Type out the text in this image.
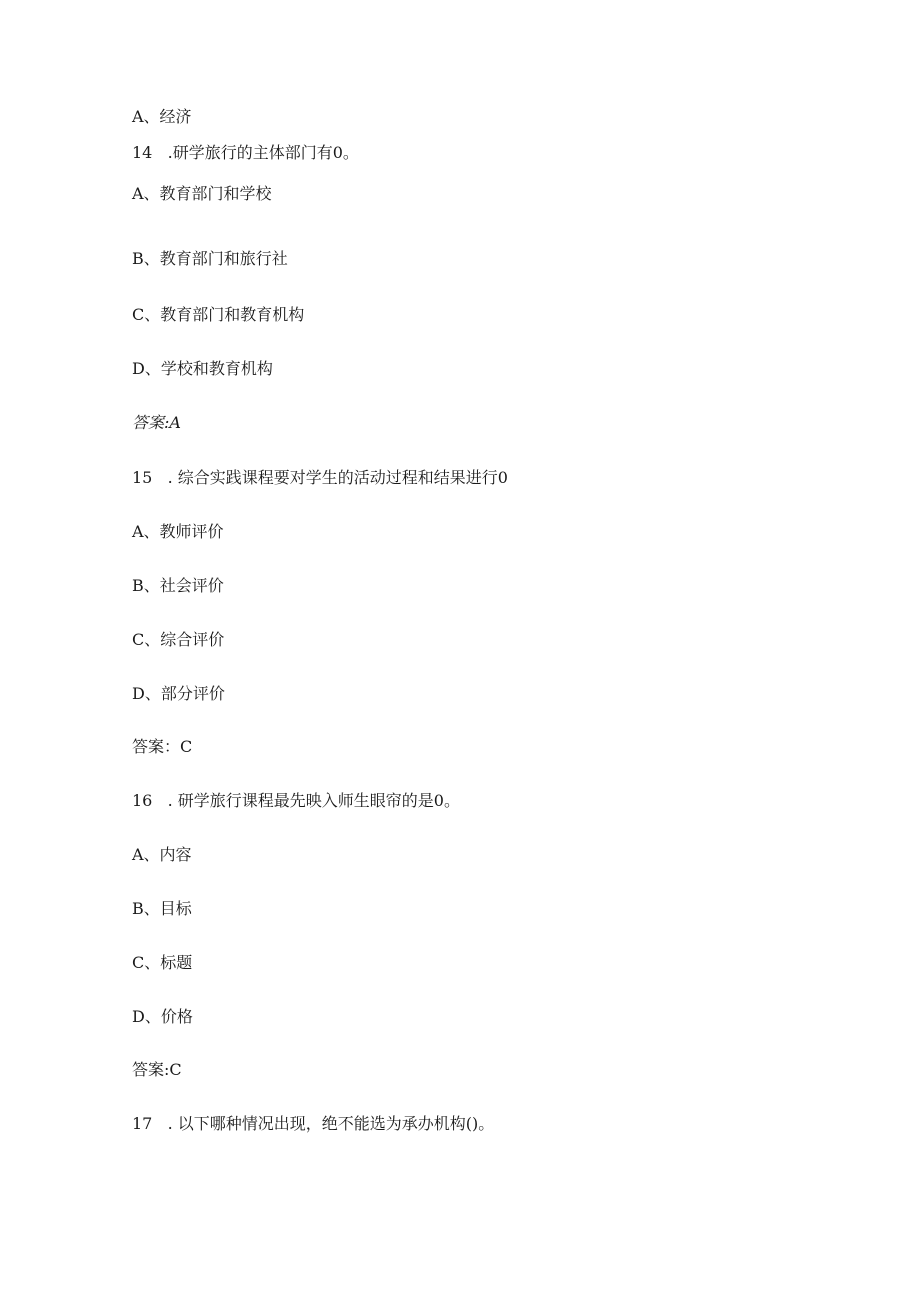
A、经济
14   .研学旅行的主体部门有0。
A、教育部门和学校
B、教育部门和旅行社
C、教育部门和教育机构
D、学校和教育机构
答案:A
15   . 综合实践课程要对学生的活动过程和结果进行0
A、教师评价
B、社会评价
C、综合评价
D、部分评价
答案：C
16   . 研学旅行课程最先映入师生眼帘的是0。
A、内容
B、目标
C、标题
D、价格
答案:C
17   . 以下哪种情况出现，绝不能选为承办机构()。
